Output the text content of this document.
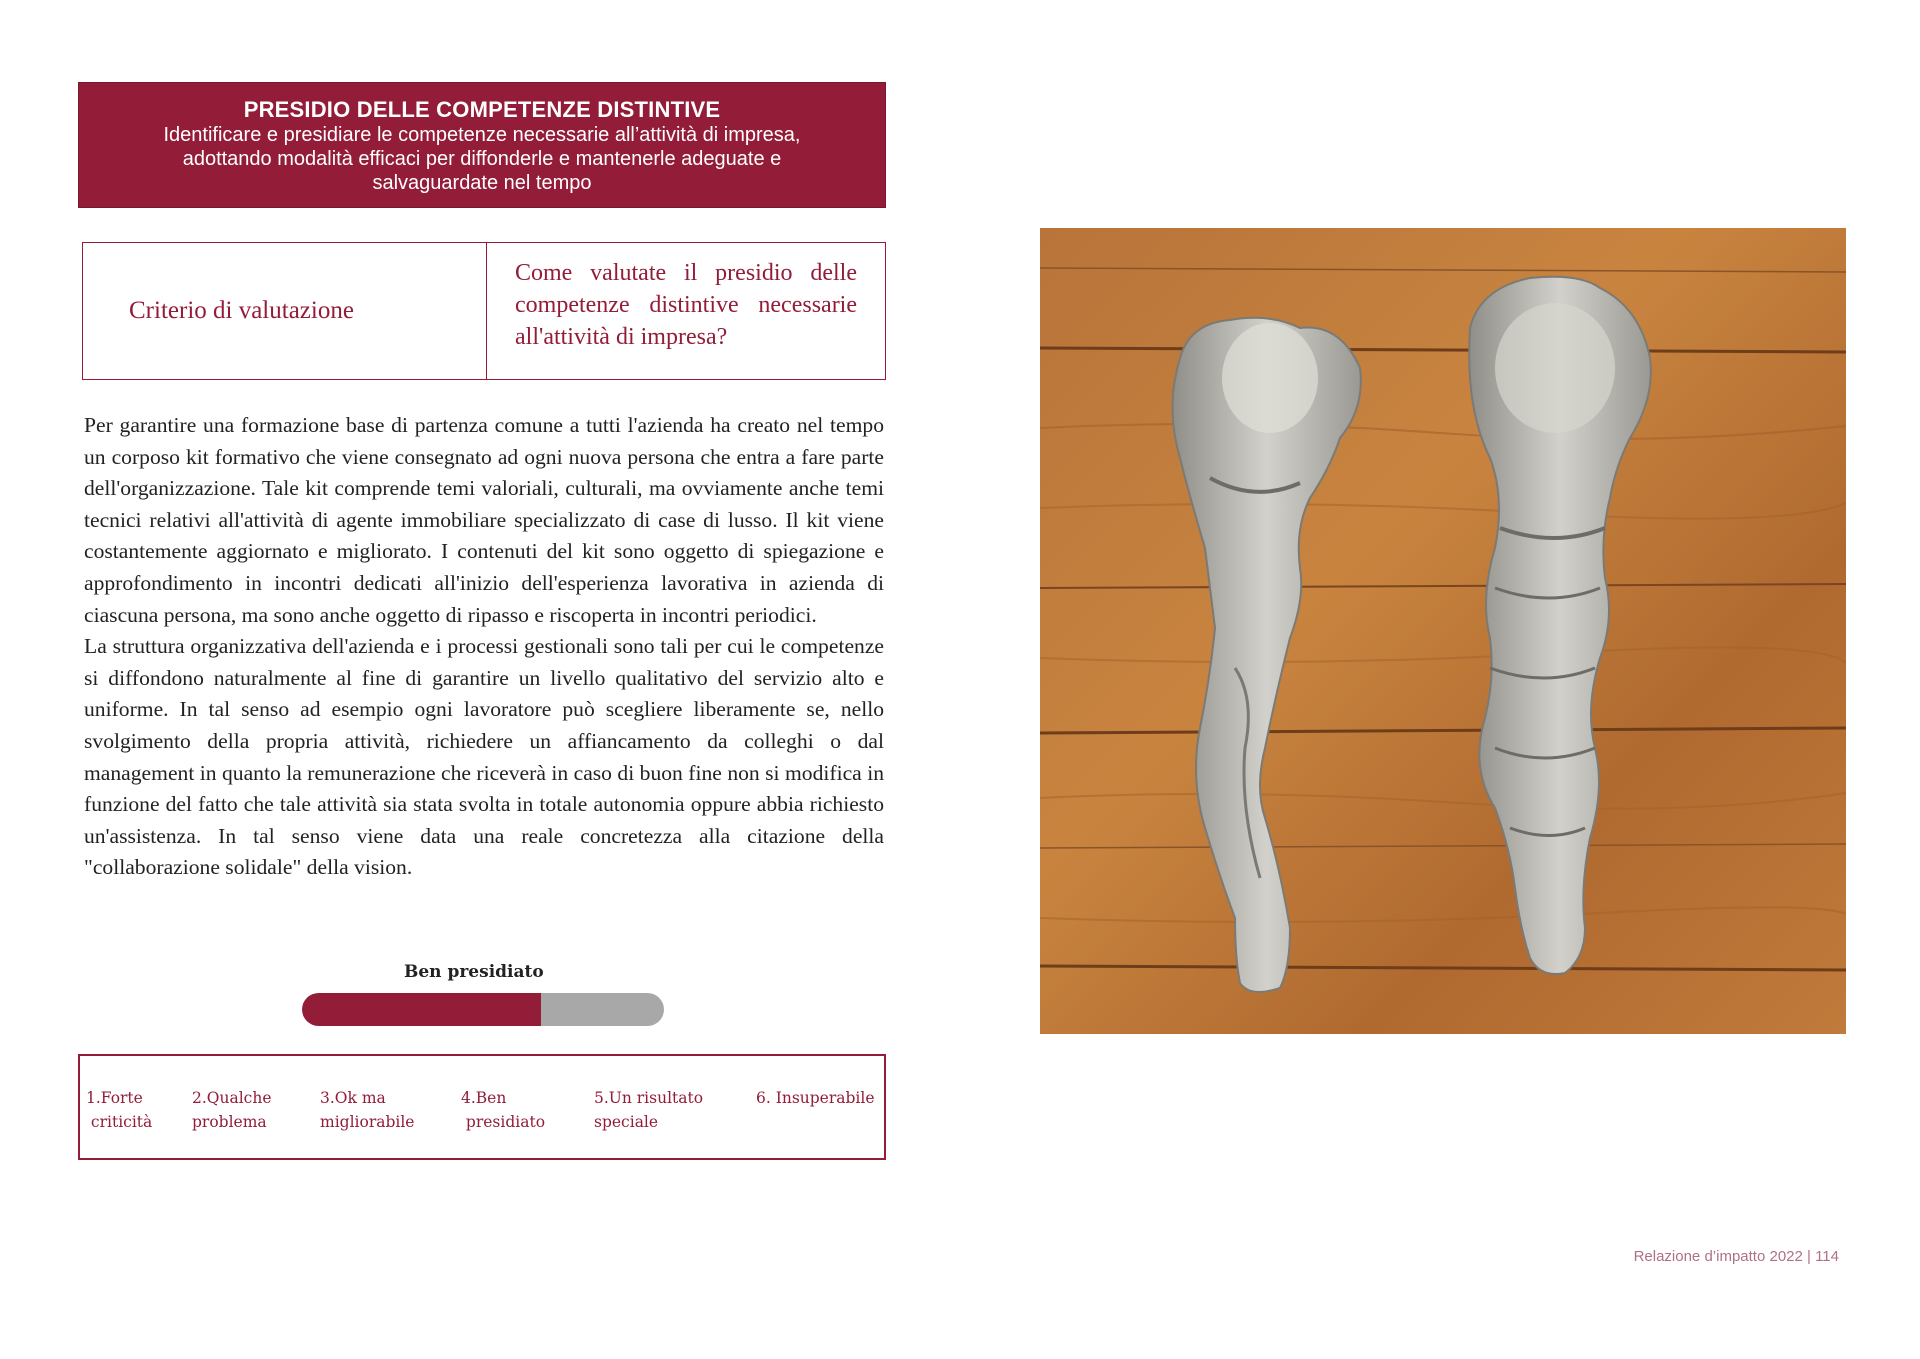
PRESIDIO DELLE COMPETENZE DISTINTIVE
Identificare e presidiare le competenze necessarie all’attività di impresa,
adottando modalità efficaci per diffonderle e mantenerle adeguate e
salvaguardate nel tempo
Criterio di valutazione
Come valutate il presidio delle competenze distintive necessarie all'attività di impresa?

Per garantire una formazione base di partenza comune a tutti l'azienda ha creato nel tempo un corposo kit formativo che viene consegnato ad ogni nuova persona che entra a fare parte dell'organizzazione. Tale kit comprende temi valoriali, culturali, ma ovviamente anche temi tecnici relativi all'attività di agente immobiliare specializzato di case di lusso. Il kit viene costantemente aggiornato e migliorato. I contenuti del kit sono oggetto di spiegazione e approfondimento in incontri dedicati all'inizio dell'esperienza lavorativa in azienda di ciascuna persona, ma sono anche oggetto di ripasso e riscoperta in incontri periodici.

La struttura organizzativa dell'azienda e i processi gestionali sono tali per cui le competenze si diffondono naturalmente al fine di garantire un livello qualitativo del servizio alto e uniforme. In tal senso ad esempio ogni lavoratore può scegliere liberamente se, nello svolgimento della propria attività, richiedere un affiancamento da colleghi o dal management in quanto la remunerazione che riceverà in caso di buon fine non si modifica in funzione del fatto che tale attività sia stata svolta in totale autonomia oppure abbia richiesto un'assistenza. In tal senso viene data una reale concretezza alla citazione della "collaborazione solidale" della vision.

Ben presidiato
1.Forte
criticità
2.Qualche
problema
3.Ok ma
migliorabile
4.Ben
presidiato
5.Un risultato
speciale
6. Insuperabile
Relazione d’impatto 2022 | 114
